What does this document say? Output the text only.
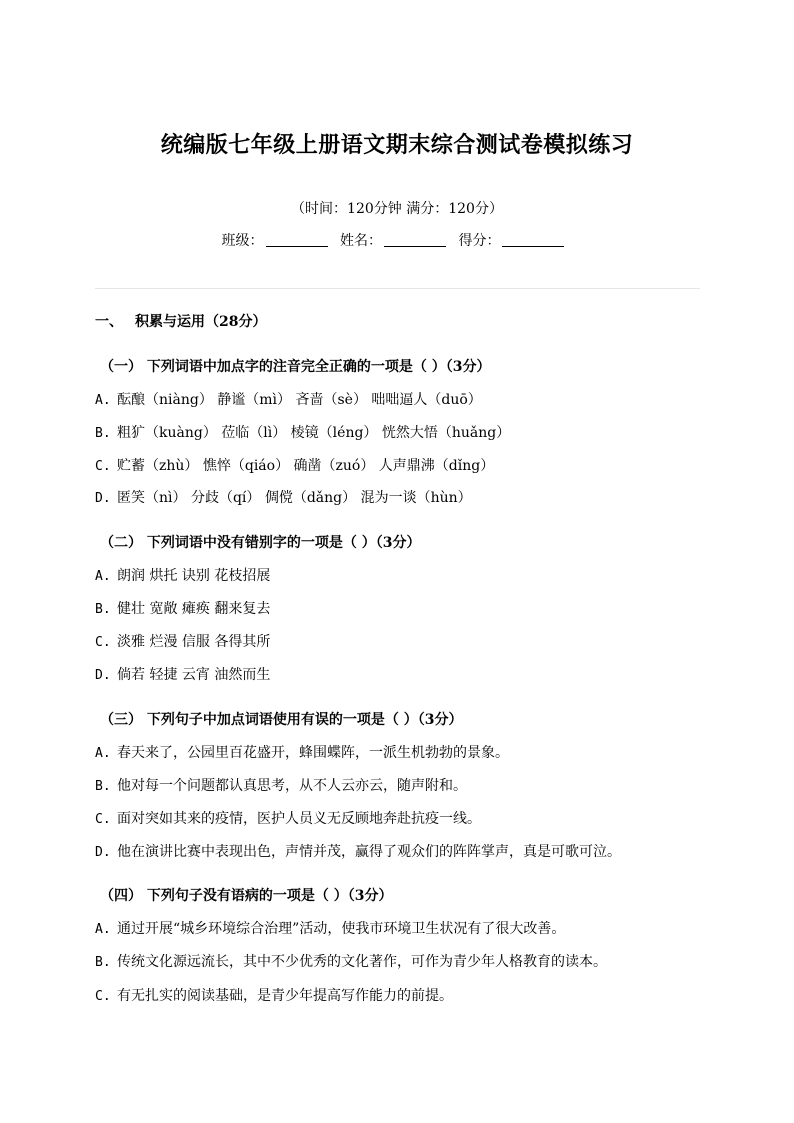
统编版七年级上册语文期末综合测试卷模拟练习
（时间：120分钟 满分：120分）
班级：	姓名：	得分：
一、 积累与运用（28分）
（一） 下列词语中加点字的注音完全正确的一项是（ ）（3分）
A. 酝酿（niàng） 静谧（mì） 吝啬（sè） 咄咄逼人（duō）
B. 粗犷（kuàng） 莅临（lì） 棱镜（léng） 恍然大悟（huǎng）
C. 贮蓄（zhù） 憔悴（qiáo） 确凿（zuó） 人声鼎沸（dǐng）
D. 匿笑（nì） 分歧（qí） 倜傥（dǎng） 混为一谈（hùn）
（二） 下列词语中没有错别字的一项是（ ）（3分）
A. 朗润 烘托 诀别 花枝招展
B. 健壮 宽敞 瘫痪 翻来复去
C. 淡雅 烂漫 信服 各得其所
D. 倘若 轻捷 云宵 油然而生
（三） 下列句子中加点词语使用有误的一项是（ ）（3分）
A. 春天来了，公园里百花盛开，蜂围蝶阵，一派生机勃勃的景象。
B. 他对每一个问题都认真思考，从不人云亦云，随声附和。
C. 面对突如其来的疫情，医护人员义无反顾地奔赴抗疫一线。
D. 他在演讲比赛中表现出色，声情并茂，赢得了观众们的阵阵掌声，真是可歌可泣。
（四） 下列句子没有语病的一项是（ ）（3分）
A. 通过开展“城乡环境综合治理”活动，使我市环境卫生状况有了很大改善。
B. 传统文化源远流长，其中不少优秀的文化著作，可作为青少年人格教育的读本。
C. 有无扎实的阅读基础，是青少年提高写作能力的前提。
